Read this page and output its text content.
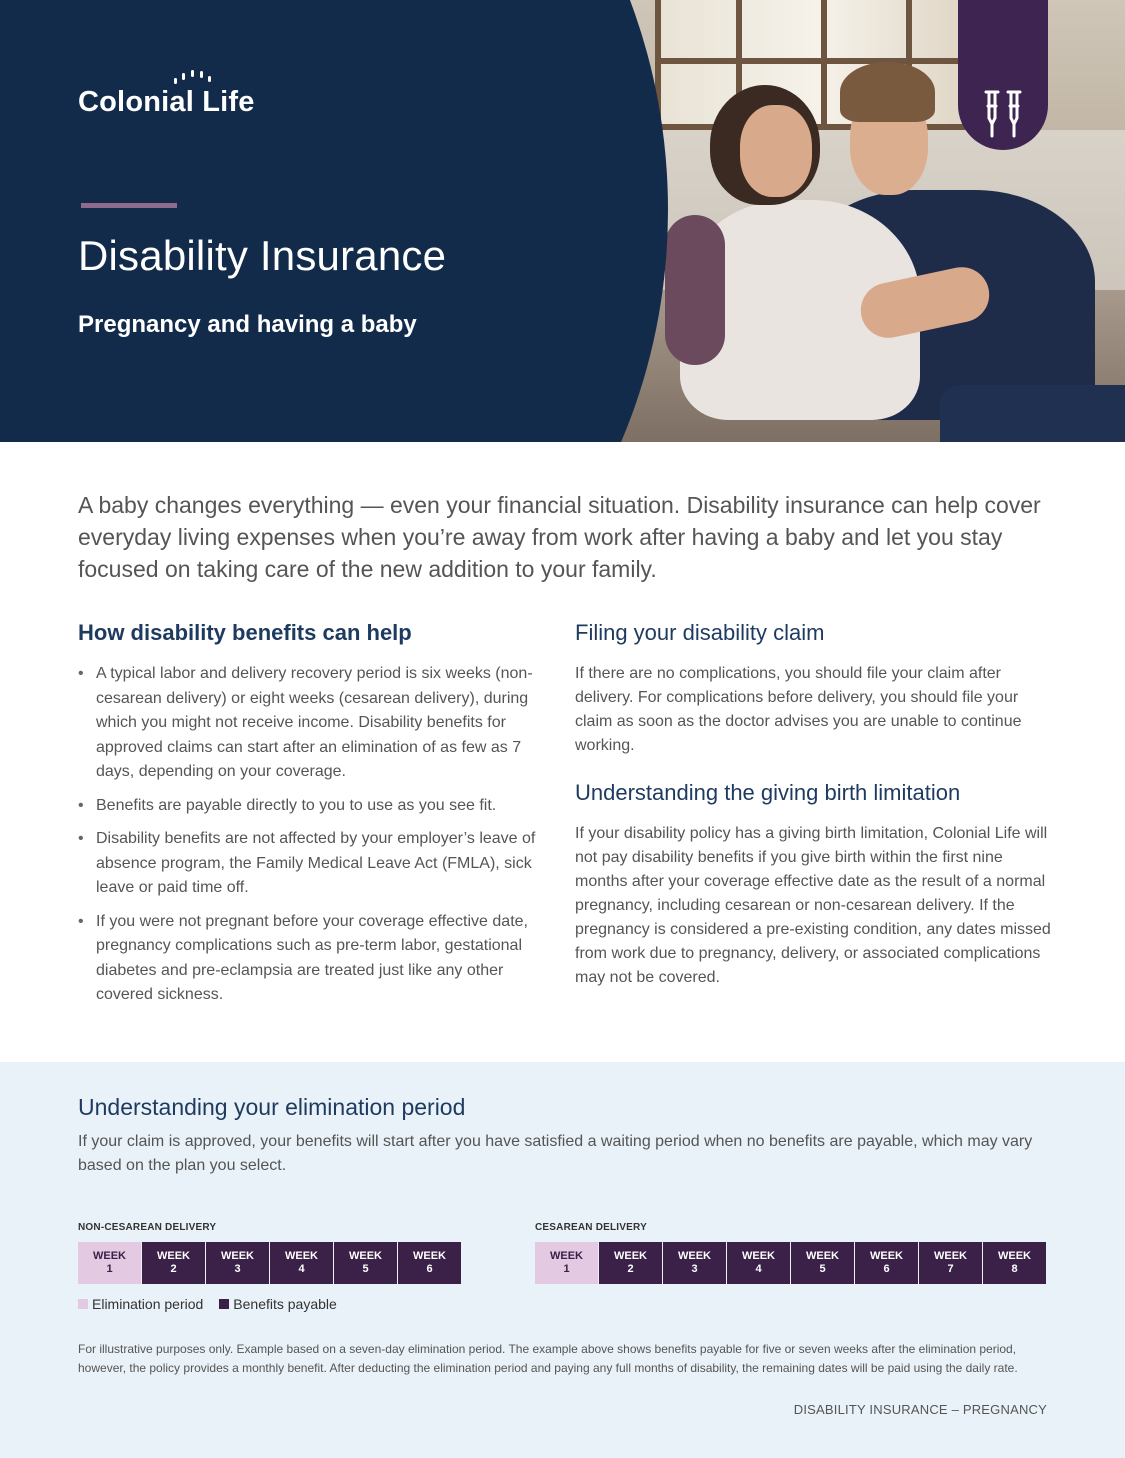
Colonial Life
Disability Insurance
Pregnancy and having a baby

A baby changes everything — even your financial situation. Disability insurance can help cover everyday living expenses when you’re away from work after having a baby and let you stay focused on taking care of the new addition to your family.

How disability benefits can help
• A typical labor and delivery recovery period is six weeks (non-cesarean delivery) or eight weeks (cesarean delivery), during which you might not receive income. Disability benefits for approved claims can start after an elimination of as few as 7 days, depending on your coverage.
• Benefits are payable directly to you to use as you see fit.
• Disability benefits are not affected by your employer’s leave of absence program, the Family Medical Leave Act (FMLA), sick leave or paid time off.
• If you were not pregnant before your coverage effective date, pregnancy complications such as pre-term labor, gestational diabetes and pre-eclampsia are treated just like any other covered sickness.
Filing your disability claim

If there are no complications, you should file your claim after delivery. For complications before delivery, you should file your claim as soon as the doctor advises you are unable to continue working.

Understanding the giving birth limitation

If your disability policy has a giving birth limitation, Colonial Life will not pay disability benefits if you give birth within the first nine months after your coverage effective date as the result of a normal pregnancy, including cesarean or non-cesarean delivery. If the pregnancy is considered a pre-existing condition, any dates missed from work due to pregnancy, delivery, or associated complications may not be covered.

Understanding your elimination period

If your claim is approved, your benefits will start after you have satisfied a waiting period when no benefits are payable, which may vary based on the plan you select.

NON-CESAREAN DELIVERY
WEEK
1
WEEK
2
WEEK
3
WEEK
4
WEEK
5
WEEK
6
CESAREAN DELIVERY
WEEK
1
WEEK
2
WEEK
3
WEEK
4
WEEK
5
WEEK
6
WEEK
7
WEEK
8
Elimination period Benefits payable

For illustrative purposes only. Example based on a seven-day elimination period. The example above shows benefits payable for five or seven weeks after the elimination period, however, the policy provides a monthly benefit. After deducting the elimination period and paying any full months of disability, the remaining dates will be paid using the daily rate.

DISABILITY INSURANCE – PREGNANCY
